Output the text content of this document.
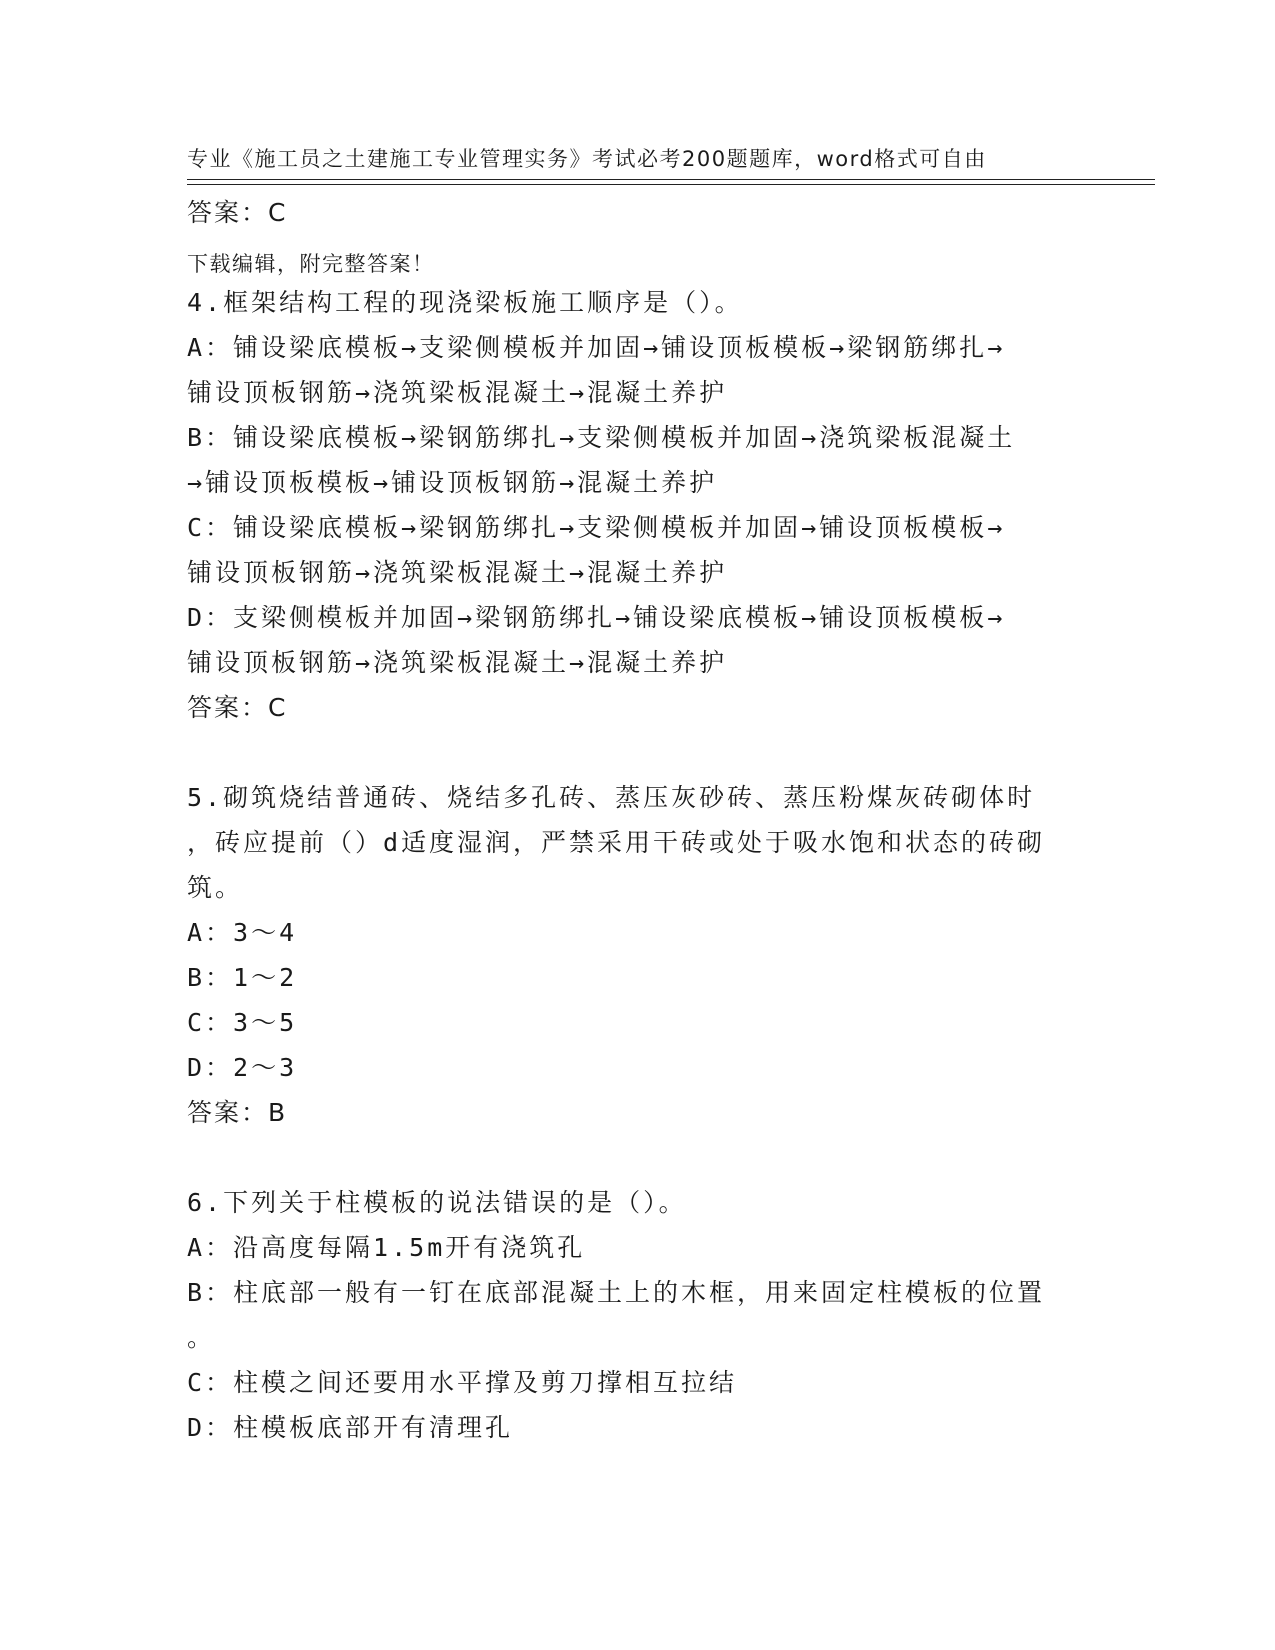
专业《施工员之土建施工专业管理实务》考试必考200题题库，word格式可自由

下载编辑，附完整答案！

答案：C

4.框架结构工程的现浇梁板施工顺序是（）。

A：铺设梁底模板→支梁侧模板并加固→铺设顶板模板→梁钢筋绑扎→

铺设顶板钢筋→浇筑梁板混凝土→混凝土养护

B：铺设梁底模板→梁钢筋绑扎→支梁侧模板并加固→浇筑梁板混凝土

→铺设顶板模板→铺设顶板钢筋→混凝土养护

C：铺设梁底模板→梁钢筋绑扎→支梁侧模板并加固→铺设顶板模板→

铺设顶板钢筋→浇筑梁板混凝土→混凝土养护

D：支梁侧模板并加固→梁钢筋绑扎→铺设梁底模板→铺设顶板模板→

铺设顶板钢筋→浇筑梁板混凝土→混凝土养护

答案：C

5.砌筑烧结普通砖、烧结多孔砖、蒸压灰砂砖、蒸压粉煤灰砖砌体时

，砖应提前（）d适度湿润，严禁采用干砖或处于吸水饱和状态的砖砌

筑。

A：3～4

B：1～2

C：3～5

D：2～3

答案：B

6.下列关于柱模板的说法错误的是（）。

A：沿高度每隔1.5m开有浇筑孔

B：柱底部一般有一钉在底部混凝土上的木框，用来固定柱模板的位置

。

C：柱模之间还要用水平撑及剪刀撑相互拉结

D：柱模板底部开有清理孔
